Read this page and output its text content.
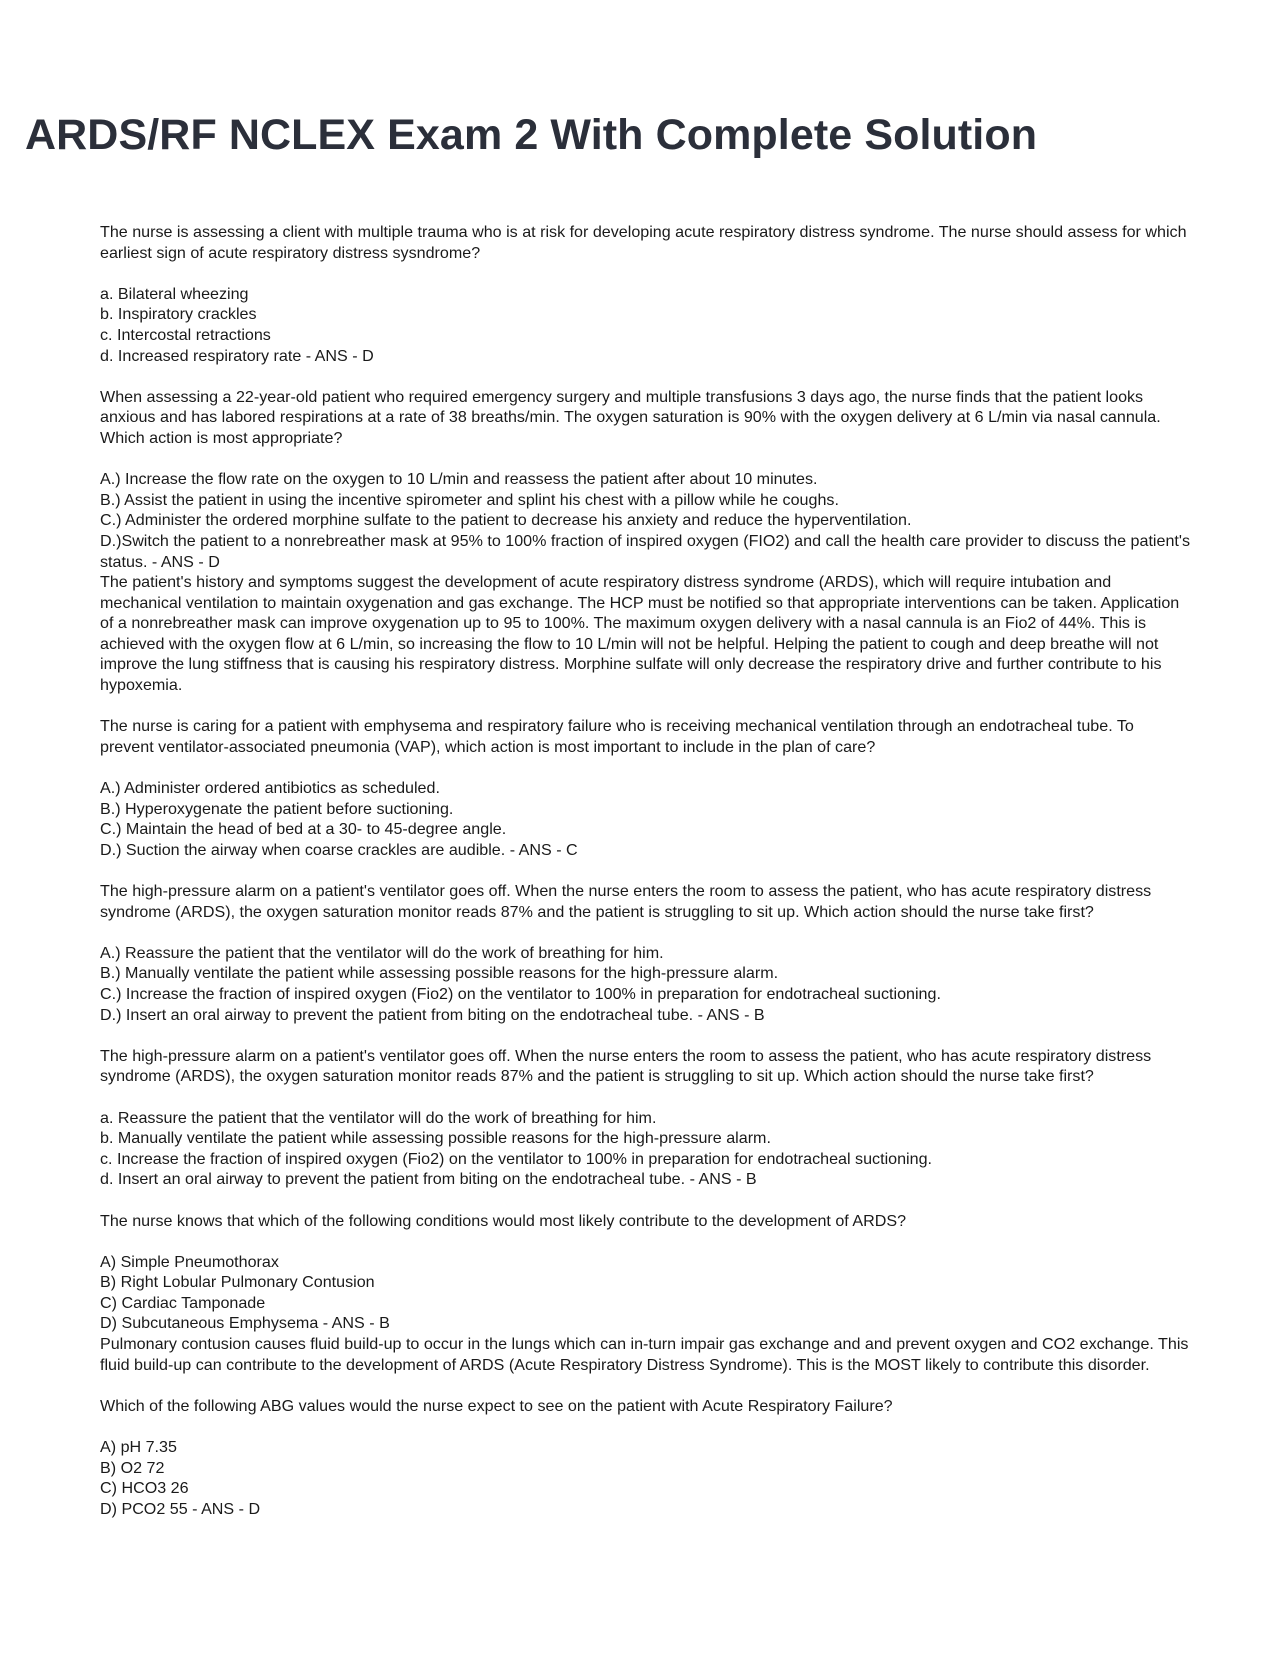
ARDS/RF NCLEX Exam 2 With Complete Solution

The nurse is assessing a client with multiple trauma who is at risk for developing acute respiratory distress syndrome. The nurse should assess for which earliest sign of acute respiratory distress sysndrome?

a. Bilateral wheezing
b. Inspiratory crackles
c. Intercostal retractions
d. Increased respiratory rate - ANS - D

When assessing a 22-year-old patient who required emergency surgery and multiple transfusions 3 days ago, the nurse finds that the patient looks anxious and has labored respirations at a rate of 38 breaths/min. The oxygen saturation is 90% with the oxygen delivery at 6 L/min via nasal cannula. Which action is most appropriate?

A.) Increase the flow rate on the oxygen to 10 L/min and reassess the patient after about 10 minutes.
B.) Assist the patient in using the incentive spirometer and splint his chest with a pillow while he coughs.
C.) Administer the ordered morphine sulfate to the patient to decrease his anxiety and reduce the hyperventilation.
D.)Switch the patient to a nonrebreather mask at 95% to 100% fraction of inspired oxygen (FIO2) and call the health care provider to discuss the patient's status. - ANS - D

The patient's history and symptoms suggest the development of acute respiratory distress syndrome (ARDS), which will require intubation and mechanical ventilation to maintain oxygenation and gas exchange. The HCP must be notified so that appropriate interventions can be taken. Application of a nonrebreather mask can improve oxygenation up to 95 to 100%. The maximum oxygen delivery with a nasal cannula is an Fio2 of 44%. This is achieved with the oxygen flow at 6 L/min, so increasing the flow to 10 L/min will not be helpful. Helping the patient to cough and deep breathe will not improve the lung stiffness that is causing his respiratory distress. Morphine sulfate will only decrease the respiratory drive and further contribute to his hypoxemia.

The nurse is caring for a patient with emphysema and respiratory failure who is receiving mechanical ventilation through an endotracheal tube. To prevent ventilator-associated pneumonia (VAP), which action is most important to include in the plan of care?

A.) Administer ordered antibiotics as scheduled.
B.) Hyperoxygenate the patient before suctioning.
C.) Maintain the head of bed at a 30- to 45-degree angle.
D.) Suction the airway when coarse crackles are audible. - ANS - C

The high-pressure alarm on a patient's ventilator goes off. When the nurse enters the room to assess the patient, who has acute respiratory distress syndrome (ARDS), the oxygen saturation monitor reads 87% and the patient is struggling to sit up. Which action should the nurse take first?

A.) Reassure the patient that the ventilator will do the work of breathing for him.
B.) Manually ventilate the patient while assessing possible reasons for the high-pressure alarm.
C.) Increase the fraction of inspired oxygen (Fio2) on the ventilator to 100% in preparation for endotracheal suctioning.
D.) Insert an oral airway to prevent the patient from biting on the endotracheal tube. - ANS - B

The high-pressure alarm on a patient's ventilator goes off. When the nurse enters the room to assess the patient, who has acute respiratory distress syndrome (ARDS), the oxygen saturation monitor reads 87% and the patient is struggling to sit up. Which action should the nurse take first?

a. Reassure the patient that the ventilator will do the work of breathing for him.
b. Manually ventilate the patient while assessing possible reasons for the high-pressure alarm.
c. Increase the fraction of inspired oxygen (Fio2) on the ventilator to 100% in preparation for endotracheal suctioning.
d. Insert an oral airway to prevent the patient from biting on the endotracheal tube. - ANS - B

The nurse knows that which of the following conditions would most likely contribute to the development of ARDS?

A) Simple Pneumothorax
B) Right Lobular Pulmonary Contusion
C) Cardiac Tamponade
D) Subcutaneous Emphysema - ANS - B

Pulmonary contusion causes fluid build-up to occur in the lungs which can in-turn impair gas exchange and and prevent oxygen and CO2 exchange. This fluid build-up can contribute to the development of ARDS (Acute Respiratory Distress Syndrome). This is the MOST likely to contribute this disorder.

Which of the following ABG values would the nurse expect to see on the patient with Acute Respiratory Failure?

A) pH 7.35
B) O2 72
C) HCO3 26
D) PCO2 55 - ANS - D
